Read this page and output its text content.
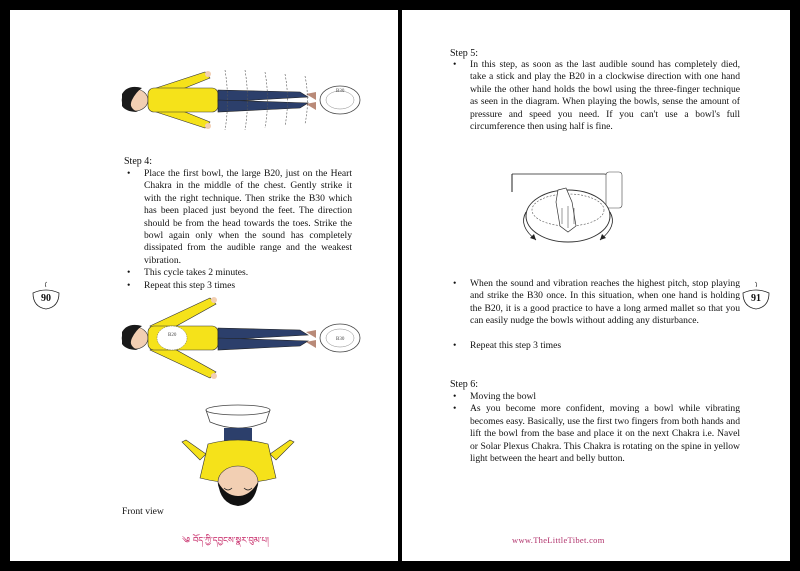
B30
Step 4:
• Place the first bowl, the large B20, just on the Heart Chakra in the middle of the chest. Gently strike it with the right technique. Then strike the B30 which has been placed just beyond the feet. The direction should be from the head towards the toes. Strike the bowl again only when the sound has completely dissipated from the audible range and the weakest vibration.
• This cycle takes 2 minutes.
• Repeat this step 3 times
90
B20
B30
Front view
༄ བོད་ཀྱི་དབྱངས་སྣར་བུམ་པ།
Step 5:
• In this step, as soon as the last audible sound has completely died, take a stick and play the B20 in a clockwise direction with one hand while the other hand holds the bowl using the three-finger technique as seen in the diagram. When playing the bowls, sense the amount of pressure and speed you need. If you can't use a bowl's full circumference then using half is fine.
• When the sound and vibration reaches the highest pitch, stop playing and strike the B30 once. In this situation, when one hand is holding the B20, it is a good practice to have a long armed mallet so that you can easily nudge the bowls without adding any disturbance.
• Repeat this step 3 times
Step 6:
• Moving the bowl
• As you become more confident, moving a bowl while vibrating becomes easy. Basically, use the first two fingers from both hands and lift the bowl from the base and place it on the next Chakra i.e. Navel or Solar Plexus Chakra. This Chakra is rotating on the spine in yellow light between the heart and belly button.
91
www.TheLittleTibet.com
